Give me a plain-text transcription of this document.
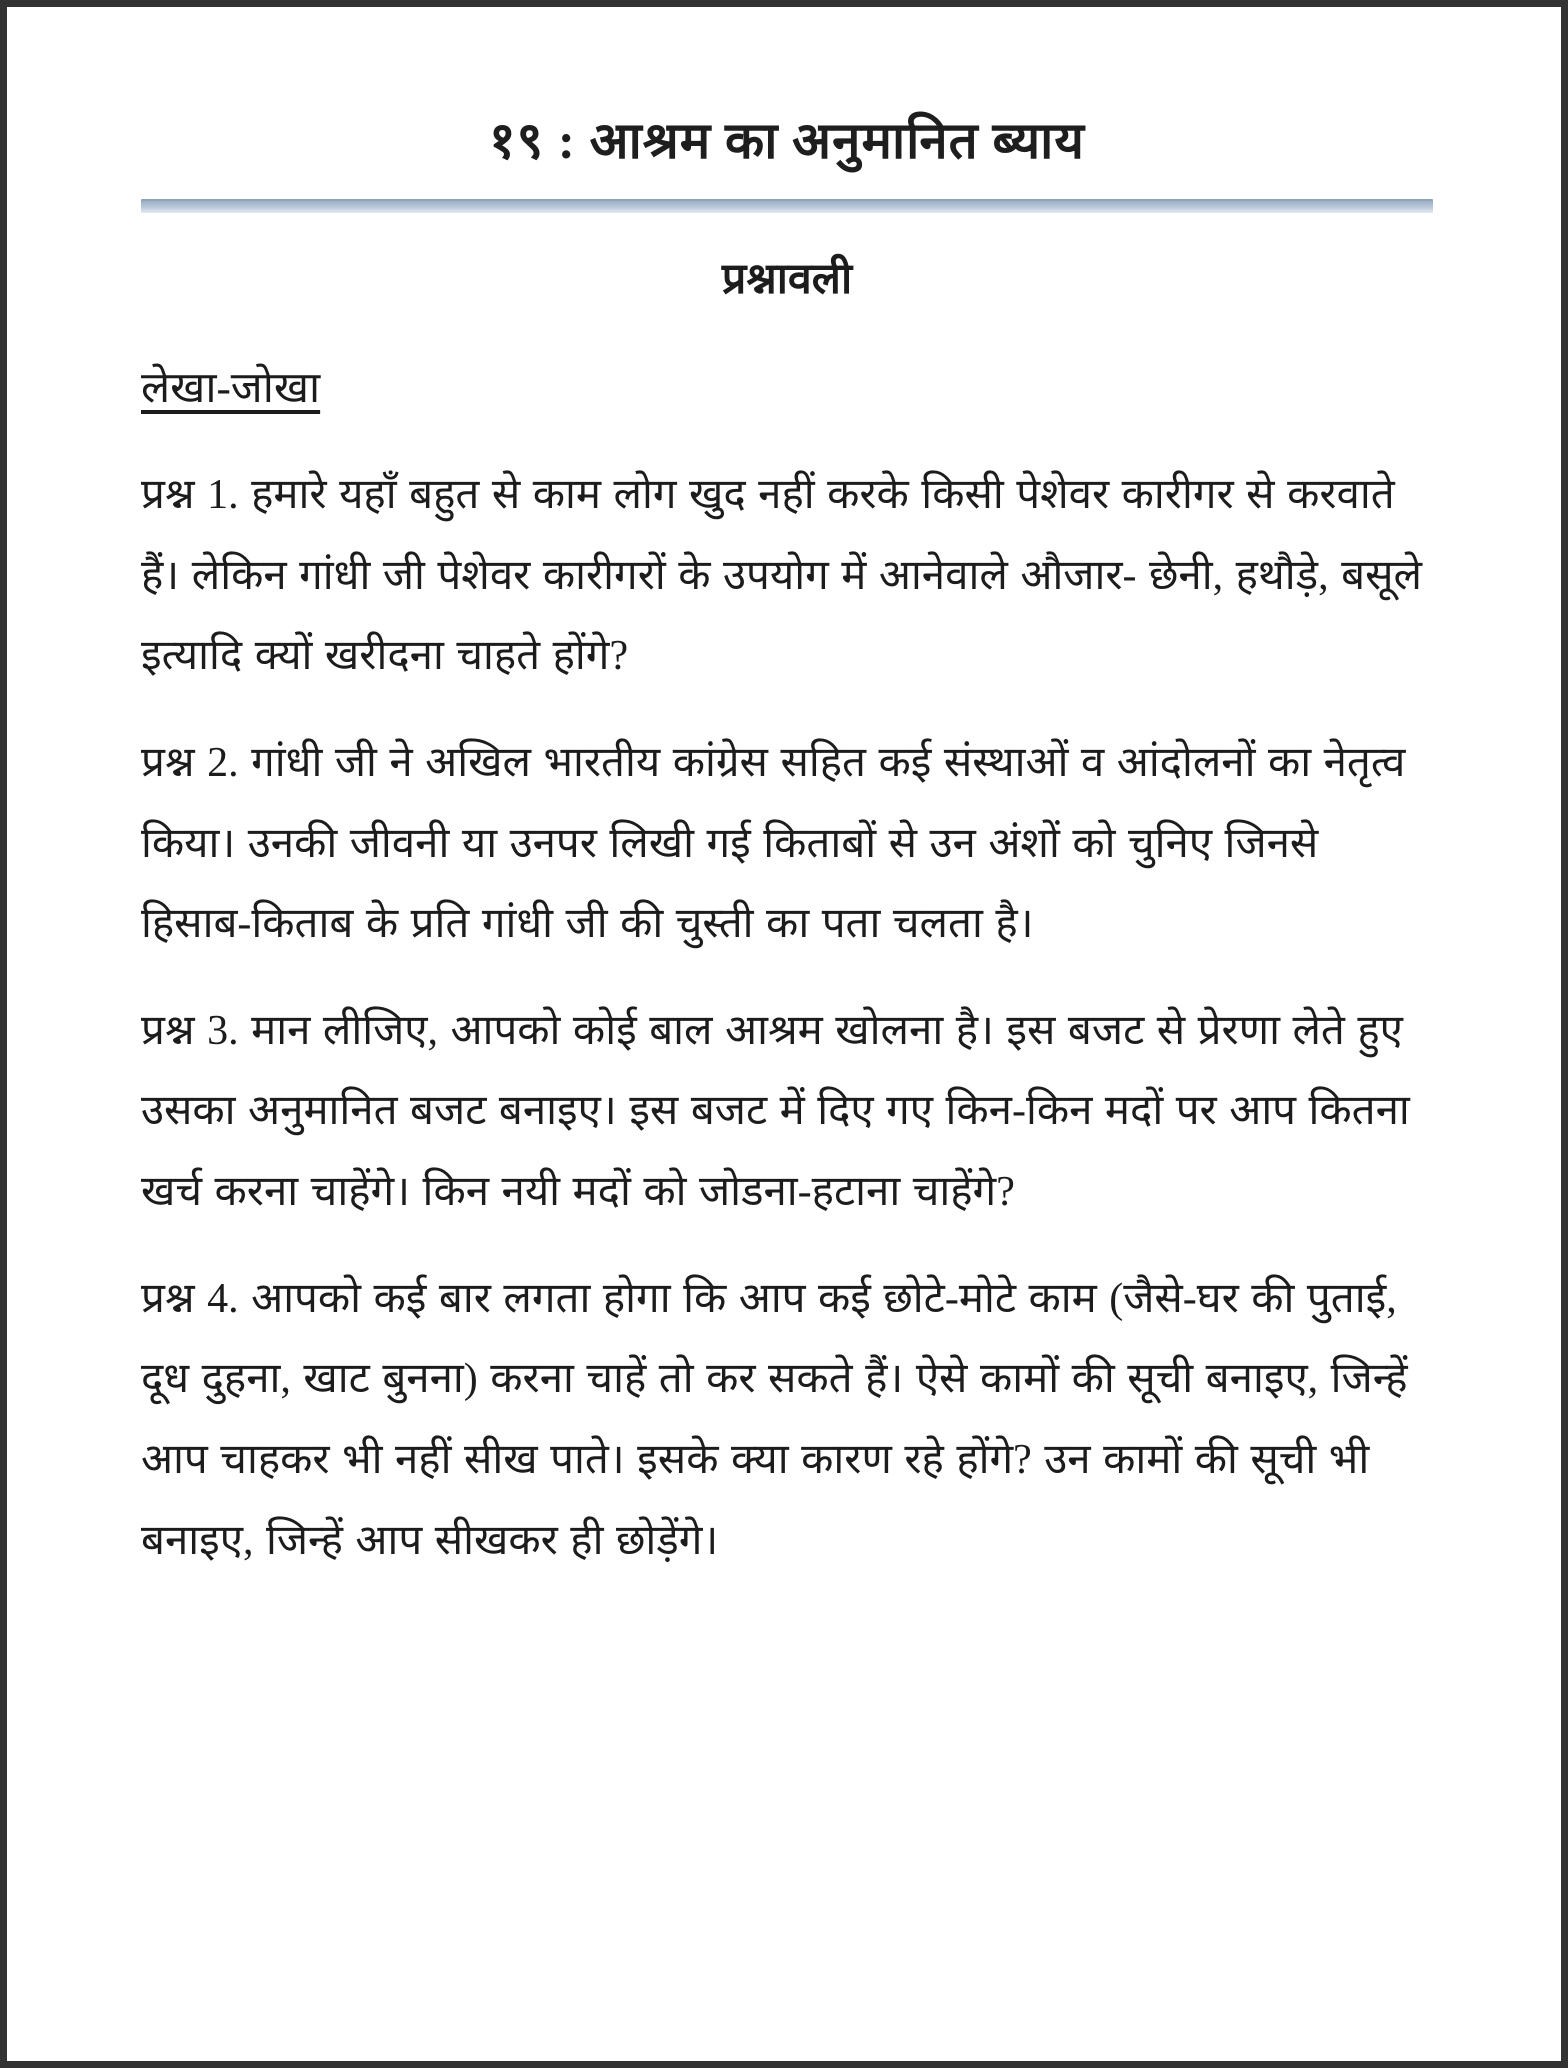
१९ : आश्रम का अनुमानित ब्याय
प्रश्नावली
लेखा-जोखा

प्रश्न 1. हमारे यहाँ बहुत से काम लोग खुद नहीं करके किसी पेशेवर कारीगर से करवाते हैं। लेकिन गांधी जी पेशेवर कारीगरों के उपयोग में आनेवाले औजार- छेनी, हथौड़े, बसूले इत्यादि क्यों खरीदना चाहते होंगे?

प्रश्न 2. गांधी जी ने अखिल भारतीय कांग्रेस सहित कई संस्थाओं व आंदोलनों का नेतृत्व किया। उनकी जीवनी या उनपर लिखी गई किताबों से उन अंशों को चुनिए जिनसे हिसाब-किताब के प्रति गांधी जी की चुस्ती का पता चलता है।

प्रश्न 3. मान लीजिए, आपको कोई बाल आश्रम खोलना है। इस बजट से प्रेरणा लेते हुए उसका अनुमानित बजट बनाइए। इस बजट में दिए गए किन-किन मदों पर आप कितना खर्च करना चाहेंगे। किन नयी मदों को जोडना-हटाना चाहेंगे?

प्रश्न 4. आपको कई बार लगता होगा कि आप कई छोटे-मोटे काम (जैसे-घर की पुताई, दूध दुहना, खाट बुनना) करना चाहें तो कर सकते हैं। ऐसे कामों की सूची बनाइए, जिन्हें आप चाहकर भी नहीं सीख पाते। इसके क्या कारण रहे होंगे? उन कामों की सूची भी बनाइए, जिन्हें आप सीखकर ही छोड़ेंगे।
